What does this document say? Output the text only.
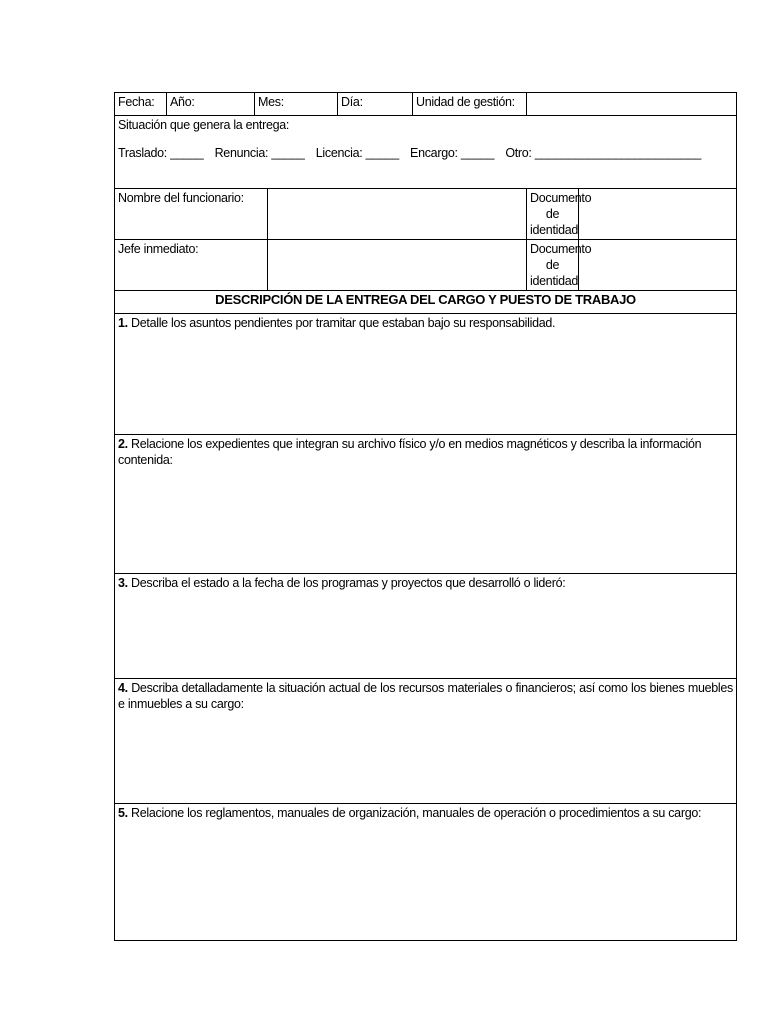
Fecha:	Año:	Mes:		Día:	Unidad de gestión:		

Situación que genera la entrega:
Traslado: _____ Renuncia: _____ Licencia: _____ Encargo: _____ Otro: _________________________							

Nombre del funcionario:						Documento
de identidad	
Jefe inmediato:						Documento
de identidad	
DESCRIPCIÓN DE LA ENTREGA DEL CARGO Y PUESTO DE TRABAJO							
1. Detalle los asuntos pendientes por tramitar que estaban bajo su responsabilidad.							
2. Relacione los expedientes que integran su archivo físico y/o en medios magnéticos y describa la información contenida:							
3. Describa el estado a la fecha de los programas y proyectos que desarrolló o lideró:							
4. Describa detalladamente la situación actual de los recursos materiales o financieros; así como los bienes muebles e inmuebles a su cargo:							
5. Relacione los reglamentos, manuales de organización, manuales de operación o procedimientos a su cargo:							
